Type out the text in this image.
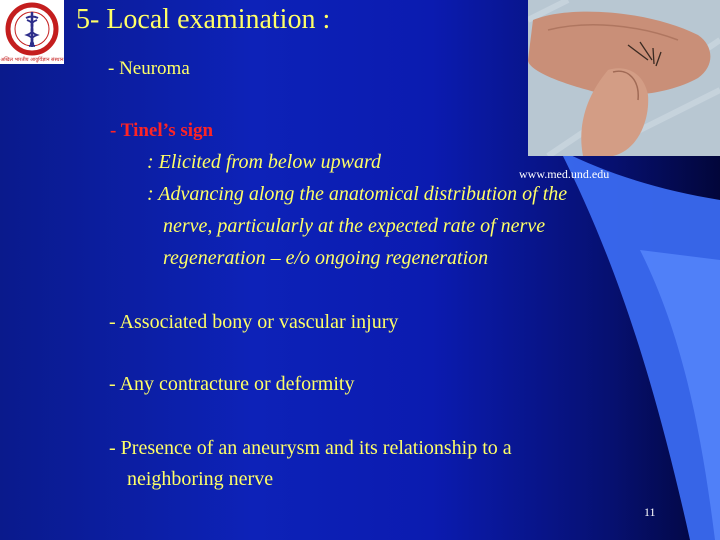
अखिल भारतीय आयुर्विज्ञान संस्थान
5- Local examination :
www.med.und.edu
- Neuroma
- Tinel’s sign
: Elicited from below upward
: Advancing along the anatomical distribution of the
nerve, particularly at the expected rate of nerve
regeneration – e/o ongoing regeneration
- Associated bony or vascular injury
- Any contracture or deformity
- Presence of an aneurysm and its relationship to a
neighboring nerve
11
